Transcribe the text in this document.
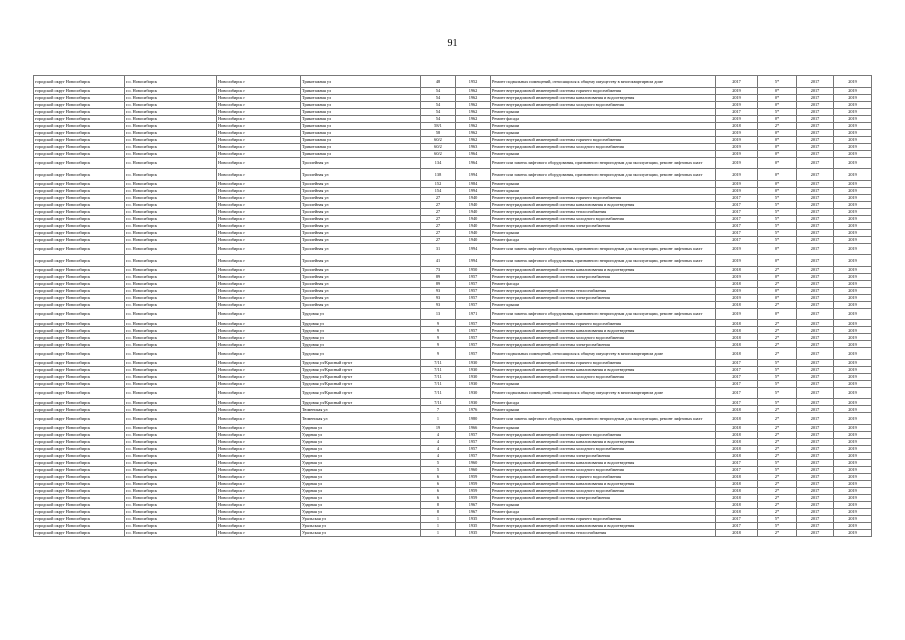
91
городской округ Новосибирск	г.о. Новосибирск	Новосибирск г	Трикотажная ул	48	1952	Ремонт подвальных помещений, относящихся к общему имуществу в многоквартирном доме	2017	5*	2017	2019
городской округ Новосибирск	г.о. Новосибирск	Новосибирск г	Трикотажная ул	54	1962	Ремонт внутридомовой инженерной системы горячего водоснабжения	2019	0*	2017	2019
городской округ Новосибирск	г.о. Новосибирск	Новосибирск г	Трикотажная ул	54	1962	Ремонт внутридомовой инженерной системы канализования и водоотведения	2019	0*	2017	2019
городской округ Новосибирск	г.о. Новосибирск	Новосибирск г	Трикотажная ул	54	1962	Ремонт внутридомовой инженерной системы холодного водоснабжения	2019	0*	2017	2019
городской округ Новосибирск	г.о. Новосибирск	Новосибирск г	Трикотажная ул	54	1962	Ремонт крыши	2017	5*	2017	2019
городской округ Новосибирск	г.о. Новосибирск	Новосибирск г	Трикотажная ул	54	1962	Ремонт фасада	2019	0*	2017	2019
городской округ Новосибирск	г.о. Новосибирск	Новосибирск г	Трикотажная ул	58/1	1962	Ремонт крыши	2018	2*	2017	2019
городской округ Новосибирск	г.о. Новосибирск	Новосибирск г	Трикотажная ул	58	1962	Ремонт крыши	2019	0*	2017	2019
городской округ Новосибирск	г.о. Новосибирск	Новосибирск г	Трикотажная ул	60/2	1962	Ремонт внутридомовой инженерной системы горячего водоснабжения	2019	0*	2017	2019
городской округ Новосибирск	г.о. Новосибирск	Новосибирск г	Трикотажная ул	60/2	1963	Ремонт внутридомовой инженерной системы холодного водоснабжения	2019	0*	2017	2019
городской округ Новосибирск	г.о. Новосибирск	Новосибирск г	Трикотажная ул	60/2	1964	Ремонт крыши	2019	0*	2017	2019
городской округ Новосибирск	г.о. Новосибирск	Новосибирск г	Троллейная ул	134	1964	Ремонт или замена лифтового оборудования, признанного непригодным для эксплуатации, ремонт лифтовых шахт	2019	0*	2017	2019
городской округ Новосибирск	г.о. Новосибирск	Новосибирск г	Троллейная ул	138	1994	Ремонт или замена лифтового оборудования, признанного непригодным для эксплуатации, ремонт лифтовых шахт	2019	0*	2017	2019
городской округ Новосибирск	г.о. Новосибирск	Новосибирск г	Троллейная ул	152	1984	Ремонт крыши	2019	0*	2017	2019
городской округ Новосибирск	г.о. Новосибирск	Новосибирск г	Троллейная ул	154	1994	Ремонт крыши	2019	0*	2017	2019
городской округ Новосибирск	г.о. Новосибирск	Новосибирск г	Троллейная ул	27	1940	Ремонт внутридомовой инженерной системы горячего водоснабжения	2017	5*	2017	2019
городской округ Новосибирск	г.о. Новосибирск	Новосибирск г	Троллейная ул	27	1940	Ремонт внутридомовой инженерной системы канализования и водоотведения	2017	5*	2017	2019
городской округ Новосибирск	г.о. Новосибирск	Новосибирск г	Троллейная ул	27	1940	Ремонт внутридомовой инженерной системы теплоснабжения	2017	5*	2017	2019
городской округ Новосибирск	г.о. Новосибирск	Новосибирск г	Троллейная ул	27	1940	Ремонт внутридомовой инженерной системы холодного водоснабжения	2017	5*	2017	2019
городской округ Новосибирск	г.о. Новосибирск	Новосибирск г	Троллейная ул	27	1940	Ремонт внутридомовой инженерной системы электроснабжения	2017	5*	2017	2019
городской округ Новосибирск	г.о. Новосибирск	Новосибирск г	Троллейная ул	27	1940	Ремонт крыши	2017	5*	2017	2019
городской округ Новосибирск	г.о. Новосибирск	Новосибирск г	Троллейная ул	27	1940	Ремонт фасада	2017	5*	2017	2019
городской округ Новосибирск	г.о. Новосибирск	Новосибирск г	Троллейная ул	31	1994	Ремонт или замена лифтового оборудования, признанного непригодным для эксплуатации, ремонт лифтовых шахт	2019	0*	2017	2019
городской округ Новосибирск	г.о. Новосибирск	Новосибирск г	Троллейная ул	41	1994	Ремонт или замена лифтового оборудования, признанного непригодным для эксплуатации, ремонт лифтовых шахт	2019	0*	2017	2019
городской округ Новосибирск	г.о. Новосибирск	Новосибирск г	Троллейная ул	73	1950	Ремонт внутридомовой инженерной системы канализования и водоотведения	2018	2*	2017	2019
городской округ Новосибирск	г.о. Новосибирск	Новосибирск г	Троллейная ул	89	1957	Ремонт внутридомовой инженерной системы электроснабжения	2019	0*	2017	2019
городской округ Новосибирск	г.о. Новосибирск	Новосибирск г	Троллейная ул	89	1957	Ремонт фасада	2018	2*	2017	2019
городской округ Новосибирск	г.о. Новосибирск	Новосибирск г	Троллейная ул	93	1957	Ремонт внутридомовой инженерной системы теплоснабжения	2019	0*	2017	2019
городской округ Новосибирск	г.о. Новосибирск	Новосибирск г	Троллейная ул	93	1957	Ремонт внутридомовой инженерной системы электроснабжения	2019	0*	2017	2019
городской округ Новосибирск	г.о. Новосибирск	Новосибирск г	Троллейная ул	93	1957	Ремонт крыши	2018	2*	2017	2019
городской округ Новосибирск	г.о. Новосибирск	Новосибирск г	Трудовая ул	13	1971	Ремонт или замена лифтового оборудования, признанного непригодным для эксплуатации, ремонт лифтовых шахт	2019	0*	2017	2019
городской округ Новосибирск	г.о. Новосибирск	Новосибирск г	Трудовая ул	9	1957	Ремонт внутридомовой инженерной системы горячего водоснабжения	2018	2*	2017	2019
городской округ Новосибирск	г.о. Новосибирск	Новосибирск г	Трудовая ул	9	1957	Ремонт внутридомовой инженерной системы канализования и водоотведения	2018	2*	2017	2019
городской округ Новосибирск	г.о. Новосибирск	Новосибирск г	Трудовая ул	9	1957	Ремонт внутридомовой инженерной системы холодного водоснабжения	2018	2*	2017	2019
городской округ Новосибирск	г.о. Новосибирск	Новосибирск г	Трудовая ул	9	1957	Ремонт внутридомовой инженерной системы электроснабжения	2018	2*	2017	2019
городской округ Новосибирск	г.о. Новосибирск	Новосибирск г	Трудовая ул	9	1957	Ремонт подвальных помещений, относящихся к общему имуществу в многоквартирном доме	2018	2*	2017	2019
городской округ Новосибирск	г.о. Новосибирск	Новосибирск г	Трудовая ул/Красный пр-кт	7/11	1930	Ремонт внутридомовой инженерной системы горячего водоснабжения	2017	5*	2017	2019
городской округ Новосибирск	г.о. Новосибирск	Новосибирск г	Трудовая ул/Красный пр-кт	7/11	1930	Ремонт внутридомовой инженерной системы канализования и водоотведения	2017	5*	2017	2019
городской округ Новосибирск	г.о. Новосибирск	Новосибирск г	Трудовая ул/Красный пр-кт	7/11	1930	Ремонт внутридомовой инженерной системы холодного водоснабжения	2017	5*	2017	2019
городской округ Новосибирск	г.о. Новосибирск	Новосибирск г	Трудовая ул/Красный пр-кт	7/11	1930	Ремонт крыши	2017	5*	2017	2019
городской округ Новосибирск	г.о. Новосибирск	Новосибирск г	Трудовая ул/Красный пр-кт	7/11	1930	Ремонт подвальных помещений, относящихся к общему имуществу в многоквартирном доме	2017	5*	2017	2019
городской округ Новосибирск	г.о. Новосибирск	Новосибирск г	Трудовая ул/Красный пр-кт	7/11	1930	Ремонт фасада	2017	5*	2017	2019
городской округ Новосибирск	г.о. Новосибирск	Новосибирск г	Тюменская ул	7	1976	Ремонт крыши	2018	2*	2017	2019
городской округ Новосибирск	г.о. Новосибирск	Новосибирск г	Тюменская ул	1	1980	Ремонт или замена лифтового оборудования, признанного непригодным для эксплуатации, ремонт лифтовых шахт	2018	2*	2017	2019
городской округ Новосибирск	г.о. Новосибирск	Новосибирск г	Ударная ул	19	1966	Ремонт крыши	2018	2*	2017	2019
городской округ Новосибирск	г.о. Новосибирск	Новосибирск г	Ударная ул	4	1957	Ремонт внутридомовой инженерной системы горячего водоснабжения	2018	2*	2017	2019
городской округ Новосибирск	г.о. Новосибирск	Новосибирск г	Ударная ул	4	1957	Ремонт внутридомовой инженерной системы канализования и водоотведения	2018	2*	2017	2019
городской округ Новосибирск	г.о. Новосибирск	Новосибирск г	Ударная ул	4	1957	Ремонт внутридомовой инженерной системы холодного водоснабжения	2018	2*	2017	2019
городской округ Новосибирск	г.о. Новосибирск	Новосибирск г	Ударная ул	4	1957	Ремонт внутридомовой инженерной системы электроснабжения	2018	2*	2017	2019
городской округ Новосибирск	г.о. Новосибирск	Новосибирск г	Ударная ул	5	1960	Ремонт внутридомовой инженерной системы канализования и водоотведения	2017	5*	2017	2019
городской округ Новосибирск	г.о. Новосибирск	Новосибирск г	Ударная ул	5	1960	Ремонт внутридомовой инженерной системы холодного водоснабжения	2017	5*	2017	2019
городской округ Новосибирск	г.о. Новосибирск	Новосибирск г	Ударная ул	6	1959	Ремонт внутридомовой инженерной системы горячего водоснабжения	2018	2*	2017	2019
городской округ Новосибирск	г.о. Новосибирск	Новосибирск г	Ударная ул	6	1959	Ремонт внутридомовой инженерной системы канализования и водоотведения	2018	2*	2017	2019
городской округ Новосибирск	г.о. Новосибирск	Новосибирск г	Ударная ул	6	1959	Ремонт внутридомовой инженерной системы холодного водоснабжения	2018	2*	2017	2019
городской округ Новосибирск	г.о. Новосибирск	Новосибирск г	Ударная ул	6	1959	Ремонт внутридомовой инженерной системы электроснабжения	2018	2*	2017	2019
городской округ Новосибирск	г.о. Новосибирск	Новосибирск г	Ударная ул	8	1967	Ремонт крыши	2018	2*	2017	2019
городской округ Новосибирск	г.о. Новосибирск	Новосибирск г	Ударная ул	8	1967	Ремонт фасада	2018	2*	2017	2019
городской округ Новосибирск	г.о. Новосибирск	Новосибирск г	Уральская ул	1	1935	Ремонт внутридомовой инженерной системы горячего водоснабжения	2017	5*	2017	2019
городской округ Новосибирск	г.о. Новосибирск	Новосибирск г	Уральская ул	1	1935	Ремонт внутридомовой инженерной системы канализования и водоотведения	2017	5*	2017	2019
городской округ Новосибирск	г.о. Новосибирск	Новосибирск г	Уральская ул	1	1935	Ремонт внутридомовой инженерной системы теплоснабжения	2018	2*	2017	2019
